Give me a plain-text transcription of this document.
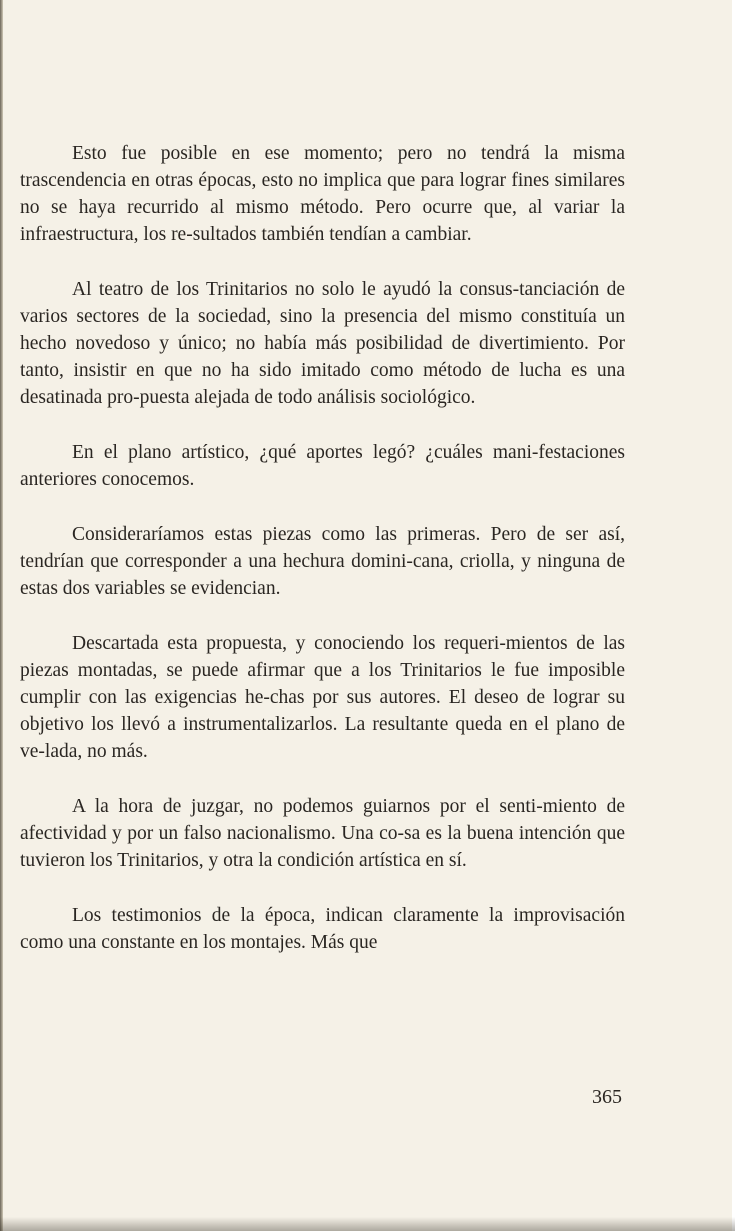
Esto fue posible en ese momento; pero no tendrá la misma trascendencia en otras épocas, esto no implica que para lograr fines similares no se haya recurrido al mismo método. Pero ocurre que, al variar la infraestructura, los re-sultados también tendían a cambiar.

Al teatro de los Trinitarios no solo le ayudó la consus-tanciación de varios sectores de la sociedad, sino la presencia del mismo constituía un hecho novedoso y único; no había más posibilidad de divertimiento. Por tanto, insistir en que no ha sido imitado como método de lucha es una desatinada pro-puesta alejada de todo análisis sociológico.

En el plano artístico, ¿qué aportes legó? ¿cuáles mani-festaciones anteriores conocemos.

Consideraríamos estas piezas como las primeras. Pero de ser así, tendrían que corresponder a una hechura domini-cana, criolla, y ninguna de estas dos variables se evidencian.

Descartada esta propuesta, y conociendo los requeri-mientos de las piezas montadas, se puede afirmar que a los Trinitarios le fue imposible cumplir con las exigencias he-chas por sus autores. El deseo de lograr su objetivo los llevó a instrumentalizarlos. La resultante queda en el plano de ve-lada, no más.

A la hora de juzgar, no podemos guiarnos por el senti-miento de afectividad y por un falso nacionalismo. Una co-sa es la buena intención que tuvieron los Trinitarios, y otra la condición artística en sí.

Los testimonios de la época, indican claramente la improvisación como una constante en los montajes. Más que

365
